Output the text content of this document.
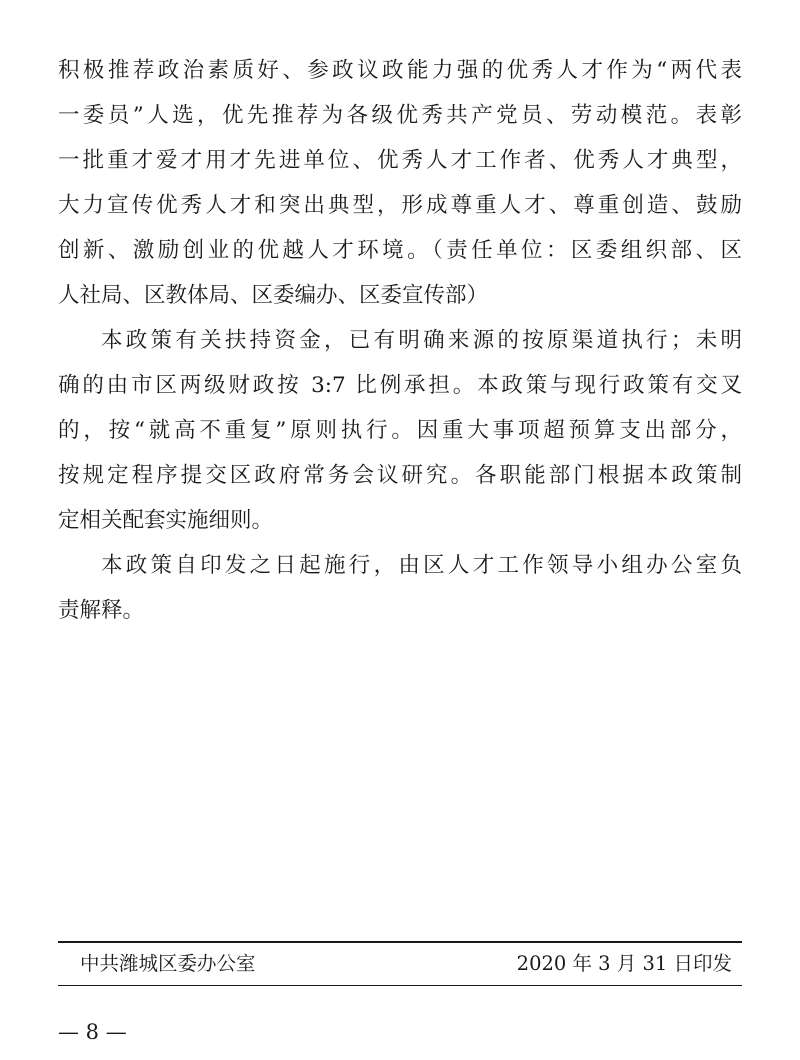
积极推荐政治素质好、参政议政能力强的优秀人才作为“两代表
一委员”人选，优先推荐为各级优秀共产党员、劳动模范。表彰
一批重才爱才用才先进单位、优秀人才工作者、优秀人才典型，
大力宣传优秀人才和突出典型，形成尊重人才、尊重创造、鼓励
创新、激励创业的优越人才环境。（责任单位：区委组织部、区
人社局、区教体局、区委编办、区委宣传部）
本政策有关扶持资金，已有明确来源的按原渠道执行；未明
确的由市区两级财政按 3:7 比例承担。本政策与现行政策有交叉
的，按“就高不重复”原则执行。因重大事项超预算支出部分，
按规定程序提交区政府常务会议研究。各职能部门根据本政策制
定相关配套实施细则。
本政策自印发之日起施行，由区人才工作领导小组办公室负
责解释。
中共潍城区委办公室	2020 年 3 月 31 日印发
— 8 —
